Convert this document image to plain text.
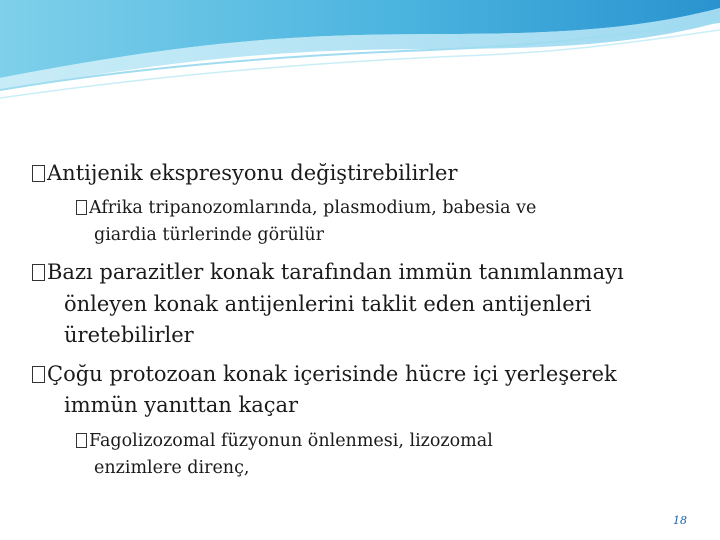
Antijenik ekspresyonu değiştirebilirler

Afrika tripanozomlarında, plasmodium, babesia ve

giardia türlerinde görülür

Bazı parazitler konak tarafından immün tanımlanmayı

önleyen konak antijenlerini taklit eden antijenleri

üretebilirler

Çoğu protozoan konak içerisinde hücre içi yerleşerek

immün yanıttan kaçar

Fagolizozomal füzyonun önlenmesi, lizozomal

enzimlere direnç,

18
